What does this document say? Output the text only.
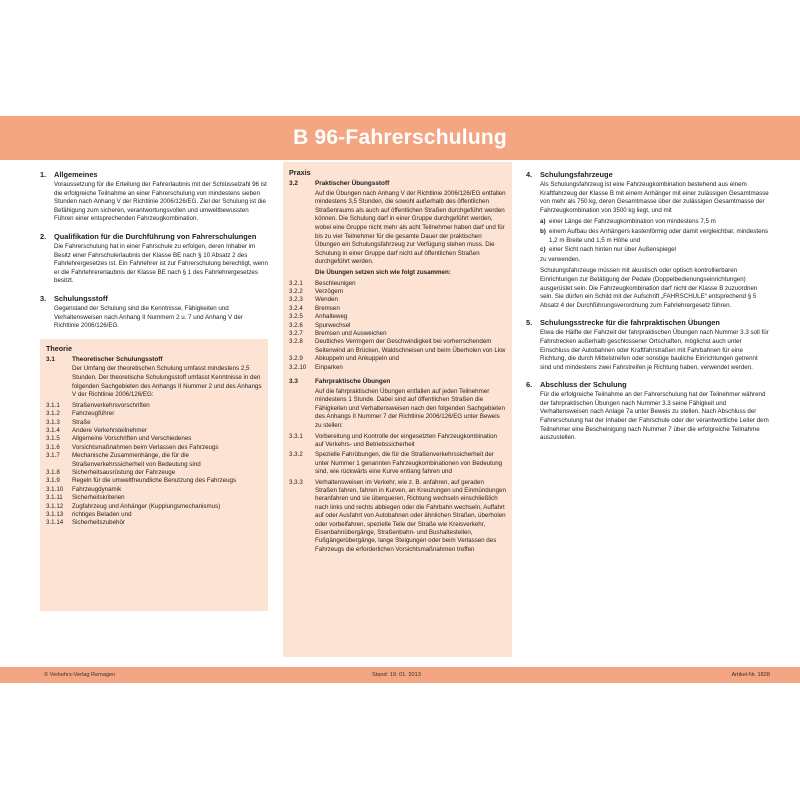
B 96-Fahrerschulung
1.	Allgemeines
Voraussetzung für die Erteilung der Fahrerlaubnis mit der Schlüsselzahl 96 ist die erfolgreiche Teilnahme an einer Fahrerschulung von mindestens sieben Stunden nach Anhang V der Richtlinie 2006/126/EG. Ziel der Schulung ist die Befähigung zum sicheren, verantwortungsvollen und umweltbewussten Führen einer entsprechenden Fahrzeugkombination.
2.	Qualifikation für die Durchführung von Fahrerschulungen
Die Fahrerschulung hat in einer Fahrschule zu erfolgen, deren Inhaber im Besitz einer Fahrschulerlaubnis der Klasse BE nach § 10 Absatz 2 des Fahrlehrergesetzes ist. Ein Fahrlehrer ist zur Fahrerschulung berechtigt, wenn er die Fahrlehrererlaubnis der Klasse BE nach § 1 des Fahrlehrergesetzes besitzt.
3.	Schulungsstoff
Gegenstand der Schulung sind die Kenntnisse, Fähigkeiten und Verhaltensweisen nach Anhang II Nummern 2 u. 7 und Anhang V der Richtlinie 2006/126/EG.
Theorie
3.1	Theoretischer Schulungsstoff
Der Umfang der theoretischen Schulung umfasst mindestens 2,5 Stunden. Der theoretische Schulungsstoff umfasst Kenntnisse in den folgenden Sachgebieten des Anhangs II Nummer 2 und des Anhangs V der Richtlinie 2006/126/EG:
3.1.1	Straßenverkehrsvorschriften
3.1.2	Fahrzeugführer
3.1.3	Straße
3.1.4	Andere Verkehrsteilnehmer
3.1.5	Allgemeine Vorschriften und Verschiedenes
3.1.6	Vorsichtsmaßnahmen beim Verlassen des Fahrzeugs
3.1.7	Mechanische Zusammenhänge, die für die Straßenverkehrssicherheit von Bedeutung sind
3.1.8	Sicherheitsausrüstung der Fahrzeuge
3.1.9	Regeln für die umweltfreundliche Benutzung des Fahrzeugs
3.1.10	Fahrzeugdynamik
3.1.11	Sicherheitskriterien
3.1.12	Zugfahrzeug und Anhänger (Kupplungsmechanismus)
3.1.13	richtiges Beladen und
3.1.14	Sicherheitszubehör
Praxis
3.2	Praktischer Übungsstoff
Auf die Übungen nach Anhang V der Richtlinie 2006/126/EG entfallen mindestens 3,5 Stunden, die sowohl außerhalb des öffentlichen Straßenraums als auch auf öffentlichen Straßen durchgeführt werden können. Die Schulung darf in einer Gruppe durchgeführt werden, wobei eine Gruppe nicht mehr als acht Teilnehmer haben darf und für bis zu vier Teilnehmer für die gesamte Dauer der praktischen Übungen ein Schulungsfahrzeug zur Verfügung stehen muss. Die Schulung in einer Gruppe darf nicht auf öffentlichen Straßen durchgeführt werden.
Die Übungen setzen sich wie folgt zusammen:
3.2.1	Beschleunigen
3.2.2	Verzögern
3.2.3	Wenden
3.2.4	Bremsen
3.2.5	Anhalteweg
3.2.6	Spurwechsel
3.2.7	Bremsen und Ausweichen
3.2.8	Deutliches Verringern der Geschwindigkeit bei vorherrschendem Seitenwind an Brücken, Waldschneisen und beim Überholen von Lkw
3.2.9	Abkuppeln und Ankuppeln und
3.2.10	Einparken
3.3	Fahrpraktische Übungen
Auf die fahrpraktischen Übungen entfallen auf jeden Teilnehmer mindestens 1 Stunde. Dabei sind auf öffentlichen Straßen die Fähigkeiten und Verhaltensweisen nach den folgenden Sachgebieten des Anhangs II Nummer 7 der Richtlinie 2006/126/EG unter Beweis zu stellen:
3.3.1	Vorbereitung und Kontrolle der eingesetzten Fahrzeugkombination auf Verkehrs- und Betriebssicherheit
3.3.2	Spezielle Fahrübungen, die für die Straßenverkehrssicherheit der unter Nummer 1 genannten Fahrzeugkombinationen von Bedeutung sind, wie rückwärts eine Kurve entlang fahren und
3.3.3	Verhaltensweisen im Verkehr, wie z. B. anfahren, auf geraden Straßen fahren, fahren in Kurven, an Kreuzungen und Einmündungen heranfahren und sie überqueren, Richtung wechseln einschließlich nach links und rechts abbiegen oder die Fahrbahn wechseln, Auffahrt auf oder Ausfahrt von Autobahnen oder ähnlichen Straßen, überholen oder vorbeifahren, spezielle Teile der Straße wie Kreisverkehr, Eisenbahnübergänge, Straßenbahn- und Bushaltestellen, Fußgängerübergänge, lange Steigungen oder beim Verlassen des Fahrzeugs die erforderlichen Vorsichtsmaßnahmen treffen
4.	Schulungsfahrzeuge
Als Schulungsfahrzeug ist eine Fahrzeugkombination bestehend aus einem Kraftfahrzeug der Klasse B mit einem Anhänger mit einer zulässigen Gesamtmasse von mehr als 750 kg, deren Gesamtmasse über der zulässigen Gesamtmasse der Fahrzeugkombination von 3500 kg liegt, und mit
a) einer Länge der Fahrzeugkombination von mindestens 7,5 m
b) einem Aufbau des Anhängers kastenförmig oder damit vergleichbar, mindestens 1,2 m Breite und 1,5 m Höhe und
c) einer Sicht nach hinten nur über Außenspiegel
zu verwenden.
Schulungsfahrzeuge müssen mit akustisch oder optisch kontrollierbaren Einrichtungen zur Betätigung der Pedale (Doppelbedienungseinrichtungen) ausgerüstet sein. Die Fahrzeugkombination darf nicht der Klasse B zuzuordnen sein. Sie dürfen ein Schild mit der Aufschrift „FAHRSCHULE“ entsprechend § 5 Absatz 4 der Durchführungsverordnung zum Fahrlehrergesetz führen.
5.	Schulungsstrecke für die fahrpraktischen Übungen
Etwa die Hälfte der Fahrzeit der fahrpraktischen Übungen nach Nummer 3.3 soll für Fahrstrecken außerhalb geschlossener Ortschaften, möglichst auch unter Einschluss der Autobahnen oder Kraftfahrstraßen mit Fahrbahnen für eine Richtung, die durch Mittelstreifen oder sonstige bauliche Einrichtungen getrennt sind und mindestens zwei Fahrstreifen je Richtung haben, verwendet werden.
6.	Abschluss der Schulung
Für die erfolgreiche Teilnahme an der Fahrerschulung hat der Teilnehmer während der fahrpraktischen Übungen nach Nummer 3.3 seine Fähigkeit und Verhaltensweisen nach Anlage 7a unter Beweis zu stellen. Nach Abschluss der Fahrerschulung hat der Inhaber der Fahrschule oder der verantwortliche Leiter dem Teilnehmer eine Bescheinigung nach Nummer 7 über die erfolgreiche Teilnahme auszustellen.
© Verkehrs-Verlag Remagen	Stand: 19. 01. 2013	Artikel-Nr. 1828
